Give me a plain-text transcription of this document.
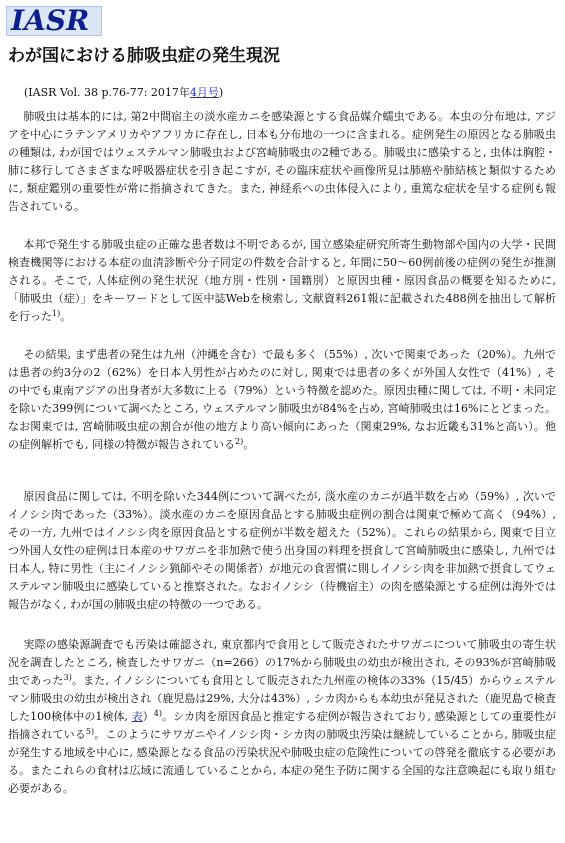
IASR
わが国における肺吸虫症の発生現況
(IASR Vol. 38 p.76-77: 2017年4月号)

肺吸虫は基本的には, 第2中間宿主の淡水産カニを感染源とする食品媒介蠕虫である。本虫の分布地は, アジアを中心にラテンアメリカやアフリカに存在し, 日本も分布地の一つに含まれる。症例発生の原因となる肺吸虫の種類は, わが国ではウェステルマン肺吸虫および宮崎肺吸虫の2種である。肺吸虫に感染すると, 虫体は胸腔・肺に移行してさまざまな呼吸器症状を引き起こすが, その臨床症状や画像所見は肺癌や肺結核と類似するために, 類症鑑別の重要性が常に指摘されてきた。また, 神経系への虫体侵入により, 重篤な症状を呈する症例も報告されている。

本邦で発生する肺吸虫症の正確な患者数は不明であるが, 国立感染症研究所寄生動物部や国内の大学・民間検査機関等における本症の血清診断や分子同定の件数を合計すると, 年間に50〜60例前後の症例の発生が推測される。そこで, 人体症例の発生状況（地方別・性別・国籍別）と原因虫種・原因食品の概要を知るために, 「肺吸虫（症）」をキーワードとして医中誌Webを検索し, 文献資料261報に記載された488例を抽出して解析を行った$^{1)}$。

その結果, まず患者の発生は九州（沖縄を含む）で最も多く（55%）, 次いで関東であった（20%）。九州では患者の約3分の2（62%）を日本人男性が占めたのに対し, 関東では患者の多くが外国人女性で（41%）, その中でも東南アジアの出身者が大多数に上る（79%）という特徴を認めた。原因虫種に関しては, 不明・未同定を除いた399例について調べたところ, ウェステルマン肺吸虫が84%を占め, 宮崎肺吸虫は16%にとどまった。なお関東では, 宮崎肺吸虫症の割合が他の地方より高い傾向にあった（関東29%, なお近畿も31%と高い）。他の症例解析でも, 同様の特徴が報告されている$^{2)}$。

原因食品に関しては, 不明を除いた344例について調べたが, 淡水産のカニが過半数を占め（59%）, 次いでイノシシ肉であった（33%）。淡水産のカニを原因食品とする肺吸虫症例の割合は関東で極めて高く（94%）, その一方, 九州ではイノシシ肉を原因食品とする症例が半数を超えた（52%）。これらの結果から, 関東で目立つ外国人女性の症例は日本産のサワガニを非加熱で使う出身国の料理を摂食して宮崎肺吸虫に感染し, 九州では日本人, 特に男性（主にイノシシ猟師やその関係者）が地元の食習慣に則しイノシシ肉を非加熱で摂食してウェステルマン肺吸虫に感染していると推察された。なおイノシシ（待機宿主）の肉を感染源とする症例は海外では報告がなく, わが国の肺吸虫症の特徴の一つである。

実際の感染源調査でも汚染は確認され, 東京都内で食用として販売されたサワガニについて肺吸虫の寄生状況を調査したところ, 検査したサワガニ（n=266）の17%から肺吸虫の幼虫が検出され, その93%が宮崎肺吸虫であった$^{3)}$。また, イノシシについても食用として販売された九州産の検体の33%（15/45）からウェステルマン肺吸虫の幼虫が検出され（鹿児島は29%, 大分は43%）, シカ肉からも本幼虫が発見された（鹿児島で検査した100検体中の1検体, 表）$^{4)}$。シカ肉を原因食品と推定する症例が報告されており, 感染源としての重要性が指摘されている$^{5)}$。このようにサワガニやイノシシ肉・シカ肉の肺吸虫汚染は継続していることから, 肺吸虫症が発生する地域を中心に, 感染源となる食品の汚染状況や肺吸虫症の危険性についての啓発を徹底する必要がある。またこれらの食材は広域に流通していることから, 本症の発生予防に関する全国的な注意喚起にも取り組む必要がある。
